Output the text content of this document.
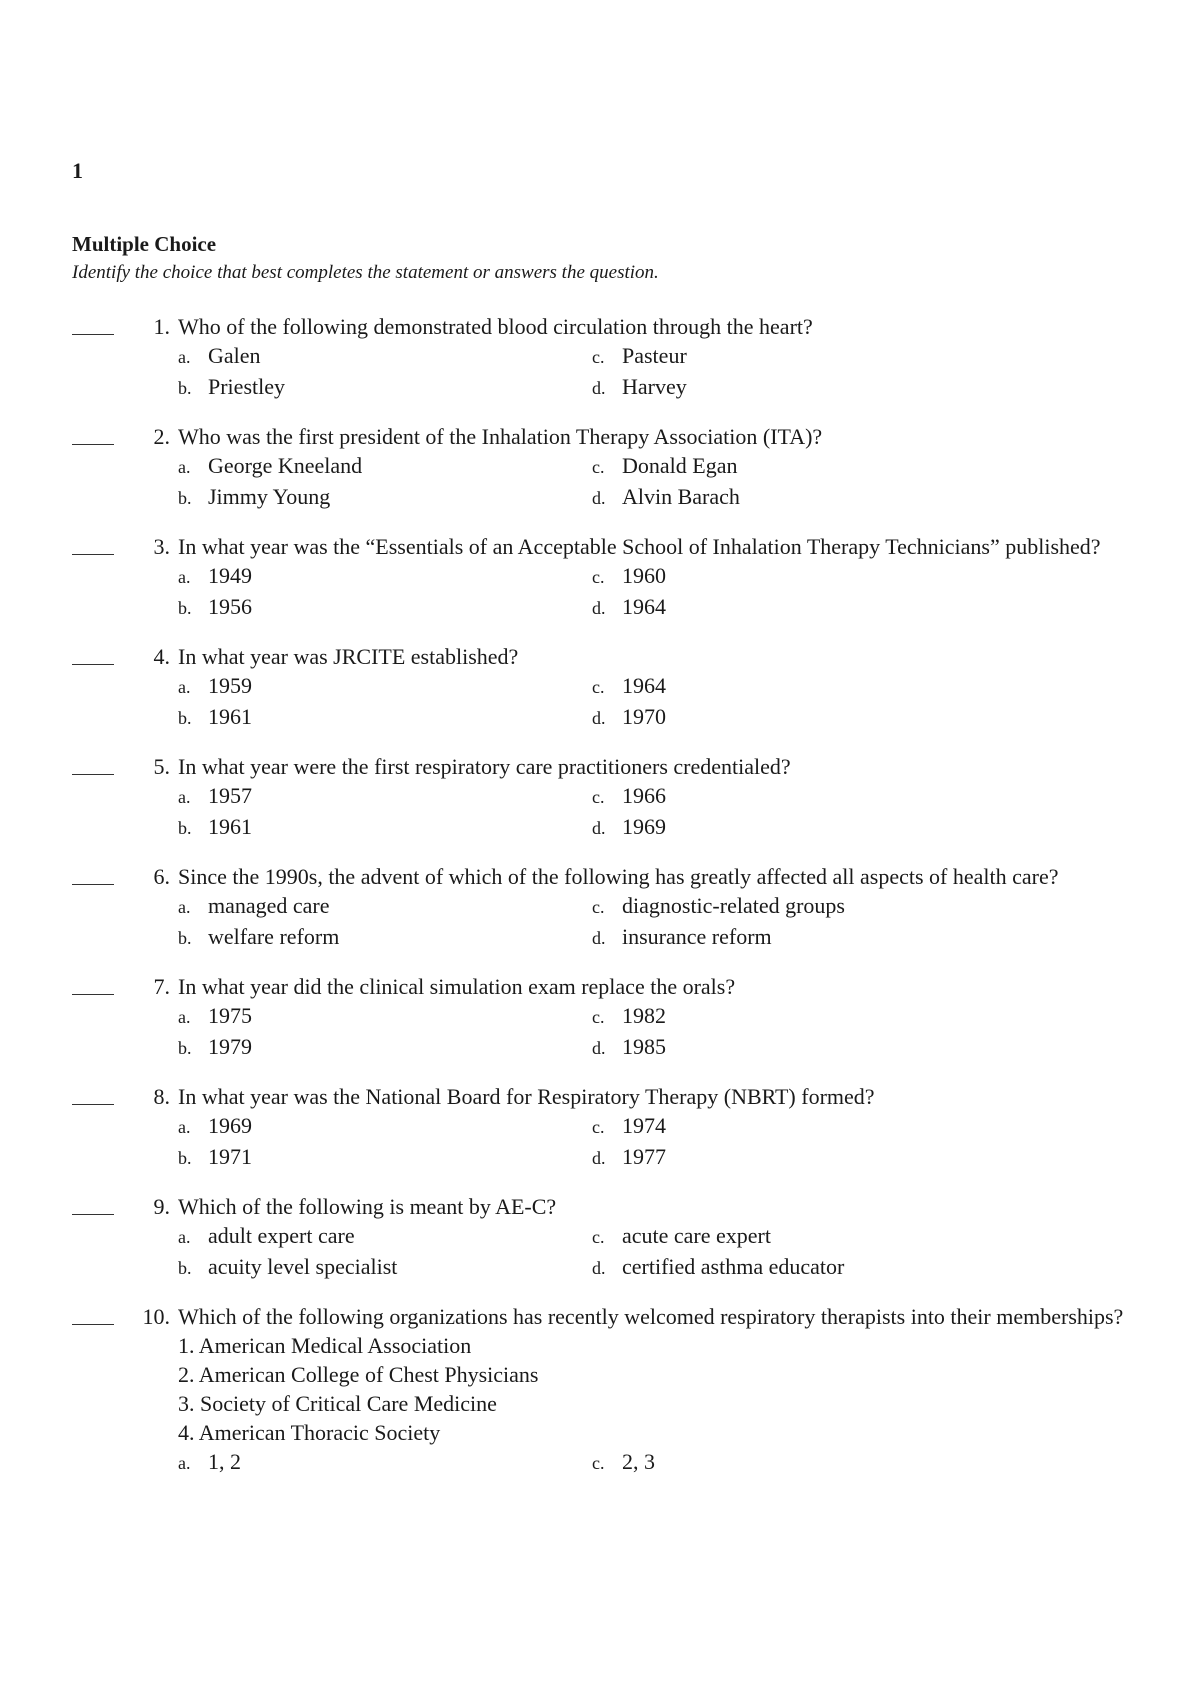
1
Multiple Choice
Identify the choice that best completes the statement or answers the question.
1. Who of the following demonstrated blood circulation through the heart?
a. Galen	c. Pasteur
b. Priestley	d. Harvey
2. Who was the first president of the Inhalation Therapy Association (ITA)?
a. George Kneeland	c. Donald Egan
b. Jimmy Young	d. Alvin Barach
3. In what year was the “Essentials of an Acceptable School of Inhalation Therapy Technicians” published?
a. 1949	c. 1960
b. 1956	d. 1964
4. In what year was JRCITE established?
a. 1959	c. 1964
b. 1961	d. 1970
5. In what year were the first respiratory care practitioners credentialed?
a. 1957	c. 1966
b. 1961	d. 1969
6. Since the 1990s, the advent of which of the following has greatly affected all aspects of health care?
a. managed care	c. diagnostic-related groups
b. welfare reform	d. insurance reform
7. In what year did the clinical simulation exam replace the orals?
a. 1975	c. 1982
b. 1979	d. 1985
8. In what year was the National Board for Respiratory Therapy (NBRT) formed?
a. 1969	c. 1974
b. 1971	d. 1977
9. Which of the following is meant by AE-C?
a. adult expert care	c. acute care expert
b. acuity level specialist	d. certified asthma educator
10. Which of the following organizations has recently welcomed respiratory therapists into their memberships?
1. American Medical Association
2. American College of Chest Physicians
3. Society of Critical Care Medicine
4. American Thoracic Society
a. 1, 2	c. 2, 3
